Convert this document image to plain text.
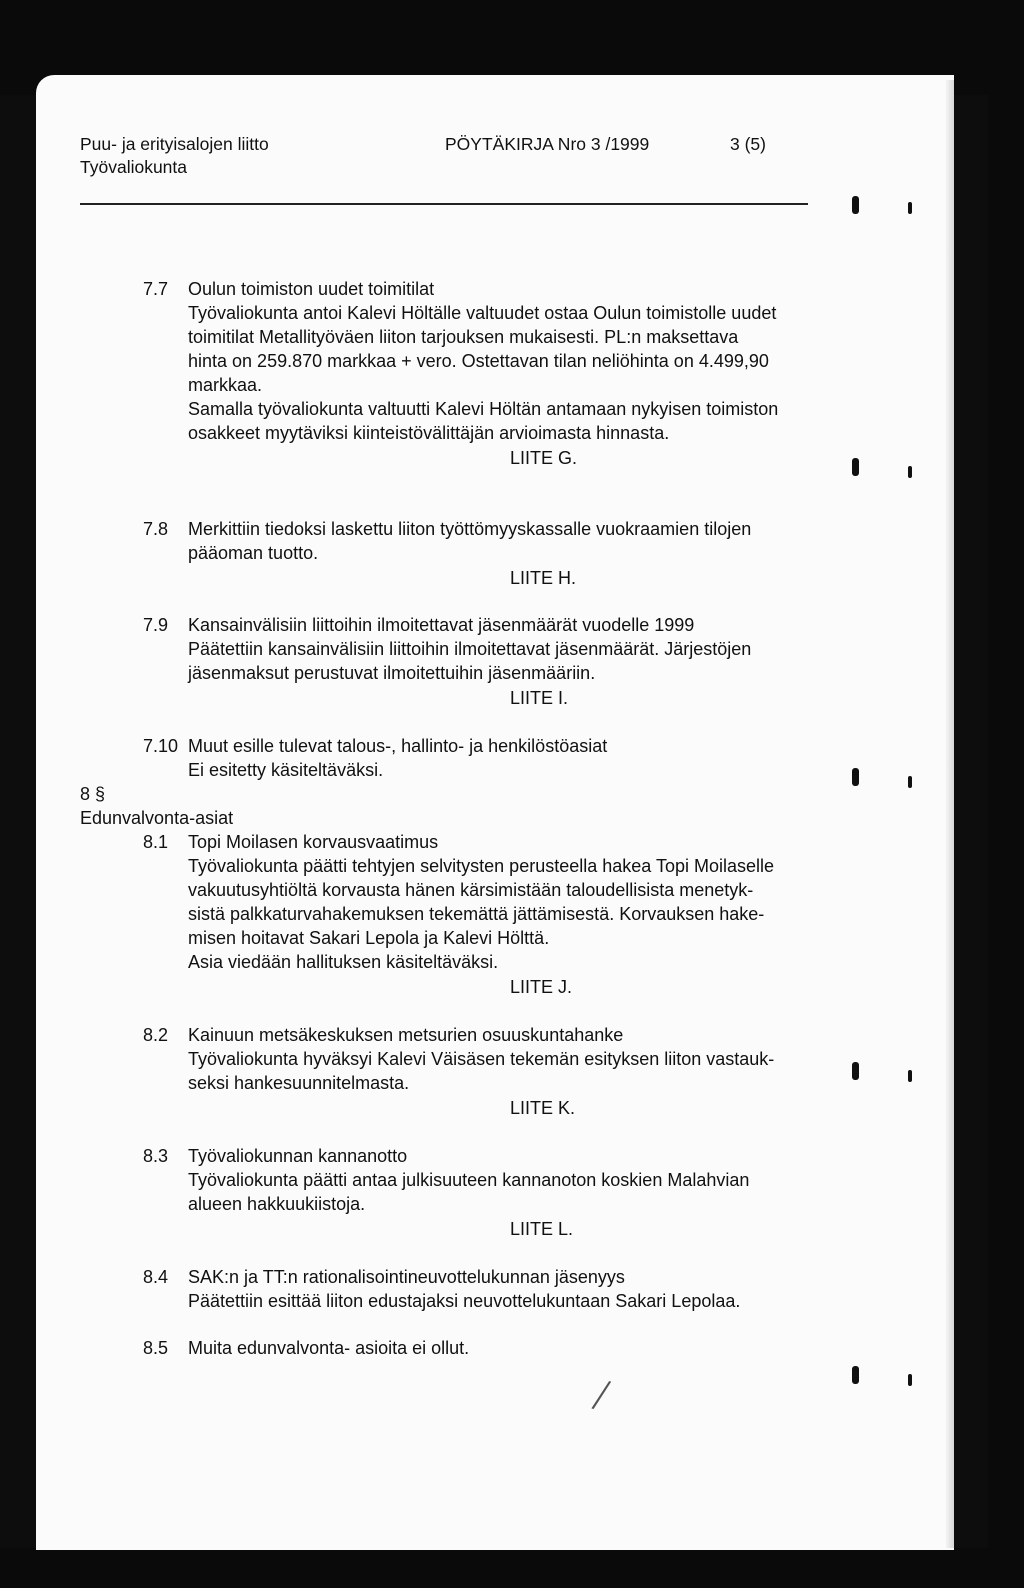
Puu- ja erityisalojen liitto	PÖYTÄKIRJA Nro 3 /1999	3 (5)
Työvaliokunta
7.7 Oulun toimiston uudet toimitilat
Työvaliokunta antoi Kalevi Höltälle valtuudet ostaa Oulun toimistolle uudet
toimitilat Metallityöväen liiton tarjouksen mukaisesti. PL:n maksettava
hinta on 259.870 markkaa + vero. Ostettavan tilan neliöhinta on 4.499,90
markkaa.
Samalla työvaliokunta valtuutti Kalevi Höltän antamaan nykyisen toimiston
osakkeet myytäviksi kiinteistövälittäjän arvioimasta hinnasta.
LIITE G.
7.8 Merkittiin tiedoksi laskettu liiton työttömyyskassalle vuokraamien tilojen
pääoman tuotto.
LIITE H.
7.9 Kansainvälisiin liittoihin ilmoitettavat jäsenmäärät vuodelle 1999
Päätettiin kansainvälisiin liittoihin ilmoitettavat jäsenmäärät. Järjestöjen
jäsenmaksut perustuvat ilmoitettuihin jäsenmääriin.
LIITE I.
7.10 Muut esille tulevat talous-, hallinto- ja henkilöstöasiat
Ei esitetty käsiteltäväksi.
8 §
Edunvalvonta-asiat
8.1 Topi Moilasen korvausvaatimus
Työvaliokunta päätti tehtyjen selvitysten perusteella hakea Topi Moilaselle
vakuutusyhtiöltä korvausta hänen kärsimistään taloudellisista menetyk-
sistä palkkaturvahakemuksen tekemättä jättämisestä. Korvauksen hake-
misen hoitavat Sakari Lepola ja Kalevi Hölttä.
Asia viedään hallituksen käsiteltäväksi.
LIITE J.
8.2 Kainuun metsäkeskuksen metsurien osuuskuntahanke
Työvaliokunta hyväksyi Kalevi Väisäsen tekemän esityksen liiton vastauk-
seksi hankesuunnitelmasta.
LIITE K.
8.3 Työvaliokunnan kannanotto
Työvaliokunta päätti antaa julkisuuteen kannanoton koskien Malahvian
alueen hakkuukiistoja.
LIITE L.
8.4 SAK:n ja TT:n rationalisointineuvottelukunnan jäsenyys
Päätettiin esittää liiton edustajaksi neuvottelukuntaan Sakari Lepolaa.
8.5 Muita edunvalvonta- asioita ei ollut.
/
